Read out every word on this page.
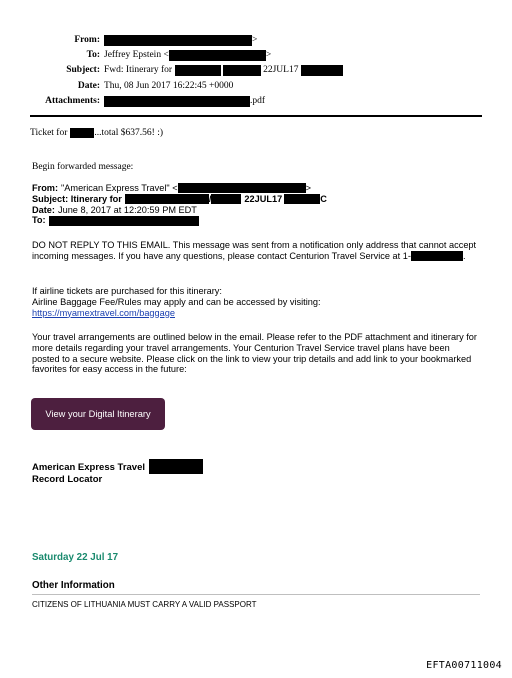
From:	>
To: Jeffrey Epstein <	>
Subject: Fwd: Itinerary for	22JUL17
Date: Thu, 08 Jun 2017 16:22:45 +0000
Attachments:	.pdf
Ticket for	...total $637.56! :)
Begin forwarded message:
From: "American Express Travel" <	>
Subject: Itinerary for	/	22JUL17	C
Date: June 8, 2017 at 12:20:59 PM EDT
To:
DO NOT REPLY TO THIS EMAIL. This message was sent from a notification only address that cannot accept incoming messages. If you have any questions, please contact Centurion Travel Service at 1-	.
If airline tickets are purchased for this itinerary:
Airline Baggage Fee/Rules may apply and can be accessed by visiting:
https://myamextravel.com/baggage
Your travel arrangements are outlined below in the email. Please refer to the PDF attachment and itinerary for more details regarding your travel arrangements. Your Centurion Travel Service travel plans have been posted to a secure website. Please click on the link to view your trip details and add link to your bookmarked favorites for easy access in the future:
View your Digital Itinerary
American Express Travel
Record Locator
Saturday 22 Jul 17
Other Information
CITIZENS OF LITHUANIA MUST CARRY A VALID PASSPORT
EFTA00711004
